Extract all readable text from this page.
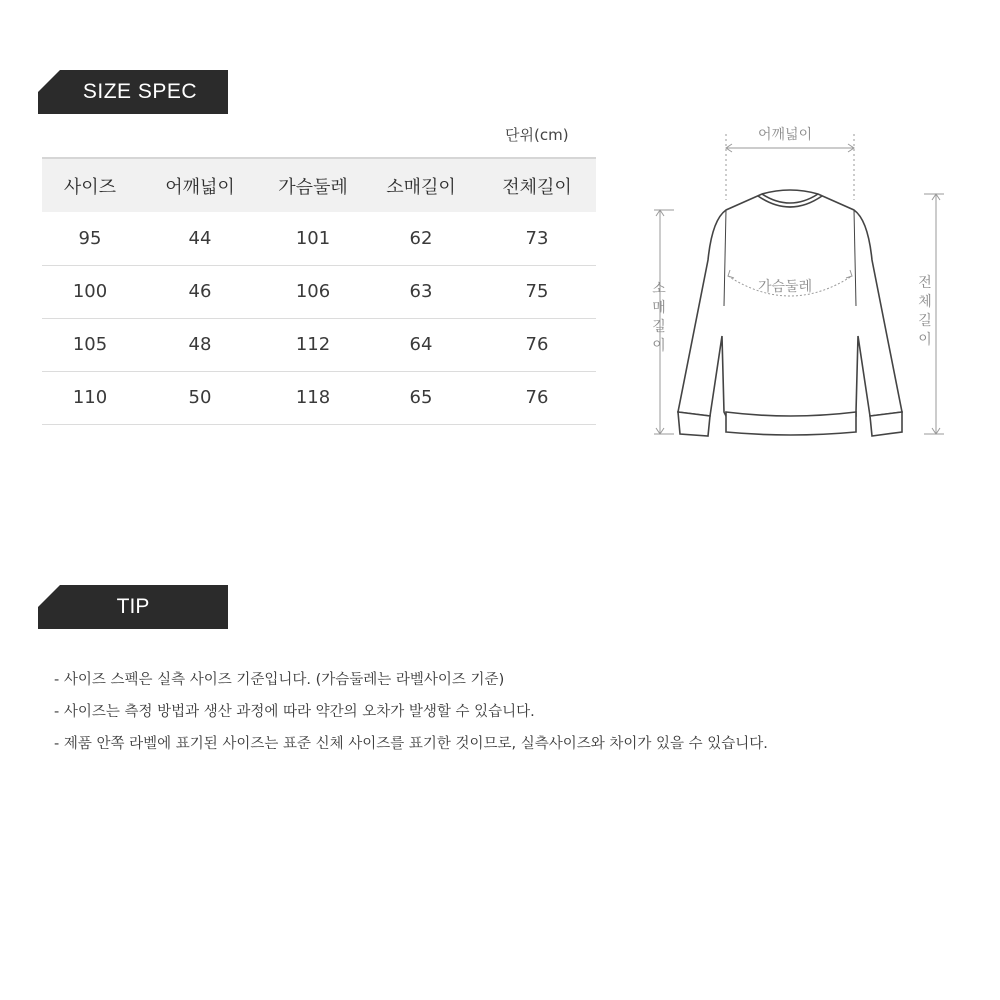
SIZE SPEC
단위(cm)
사이즈	어깨넓이	가슴둘레	소매길이	전체길이
95	44	101	62	73
100	46	106	63	75
105	48	112	64	76
110	50	118	65	76
어깨넓이
가슴둘레
소
매
길
이
전
체
길
이
TIP
- 사이즈 스펙은 실측 사이즈 기준입니다. (가슴둘레는 라벨사이즈 기준)
- 사이즈는 측정 방법과 생산 과정에 따라 약간의 오차가 발생할 수 있습니다.
- 제품 안쪽 라벨에 표기된 사이즈는 표준 신체 사이즈를 표기한 것이므로, 실측사이즈와 차이가 있을 수 있습니다.
